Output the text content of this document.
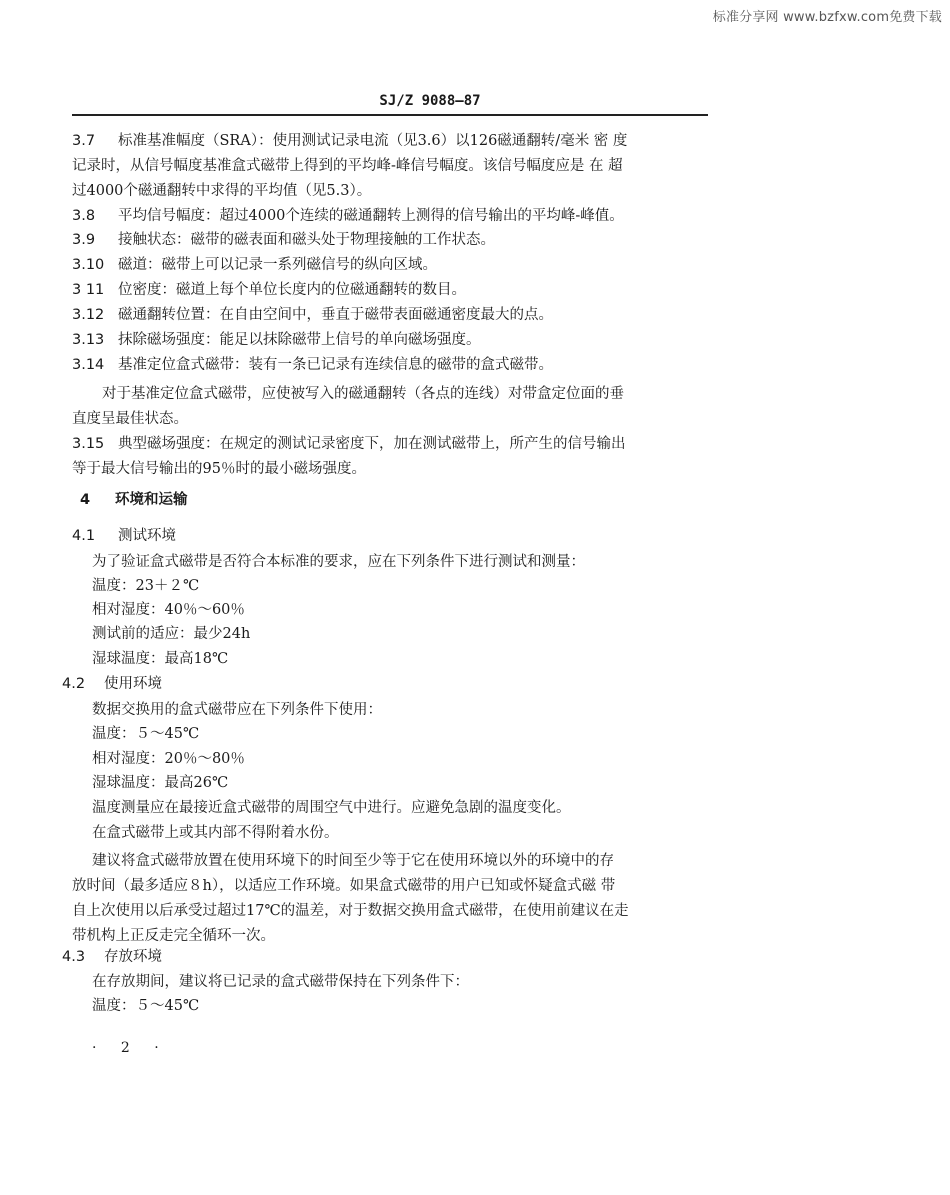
标准分享网 www.bzfxw.com免费下载
SJ/Z 9088—87
3.7 标准基准幅度（SRA）：使用测试记录电流（见3.6）以126磁通翻转/毫米 密 度
记录时，从信号幅度基准盒式磁带上得到的平均峰-峰信号幅度。该信号幅度应是 在 超
过4000个磁通翻转中求得的平均值（见5.3）。
3.8 平均信号幅度：超过4000个连续的磁通翻转上测得的信号输出的平均峰-峰值。
3.9 接触状态：磁带的磁表面和磁头处于物理接触的工作状态。
3.10 磁道：磁带上可以记录一系列磁信号的纵向区域。
3 11 位密度：磁道上每个单位长度内的位磁通翻转的数目。
3.12 磁通翻转位置：在自由空间中，垂直于磁带表面磁通密度最大的点。
3.13 抹除磁场强度：能足以抹除磁带上信号的单向磁场强度。
3.14 基准定位盒式磁带：装有一条已记录有连续信息的磁带的盒式磁带。
对于基准定位盒式磁带，应使被写入的磁通翻转（各点的连线）对带盒定位面的垂
直度呈最佳状态。
3.15 典型磁场强度：在规定的测试记录密度下，加在测试磁带上，所产生的信号输出
等于最大信号输出的95％时的最小磁场强度。
4 环境和运输
4.1 测试环境
为了验证盒式磁带是否符合本标准的要求，应在下列条件下进行测试和测量：
温度：23＋２℃
相对湿度：40％～60％
测试前的适应：最少24h
湿球温度：最高18℃
4.2 使用环境
数据交换用的盒式磁带应在下列条件下使用：
温度：５～45℃
相对湿度：20％～80％
湿球温度：最高26℃
温度测量应在最接近盒式磁带的周围空气中进行。应避免急剧的温度变化。
在盒式磁带上或其内部不得附着水份。
建议将盒式磁带放置在使用环境下的时间至少等于它在使用环境以外的环境中的存
放时间（最多适应８h），以适应工作环境。如果盒式磁带的用户已知或怀疑盒式磁 带
自上次使用以后承受过超过17℃的温差，对于数据交换用盒式磁带，在使用前建议在走
带机构上正反走完全循环一次。
4.3 存放环境
在存放期间，建议将已记录的盒式磁带保持在下列条件下：
温度：５～45℃
· 2 ·
